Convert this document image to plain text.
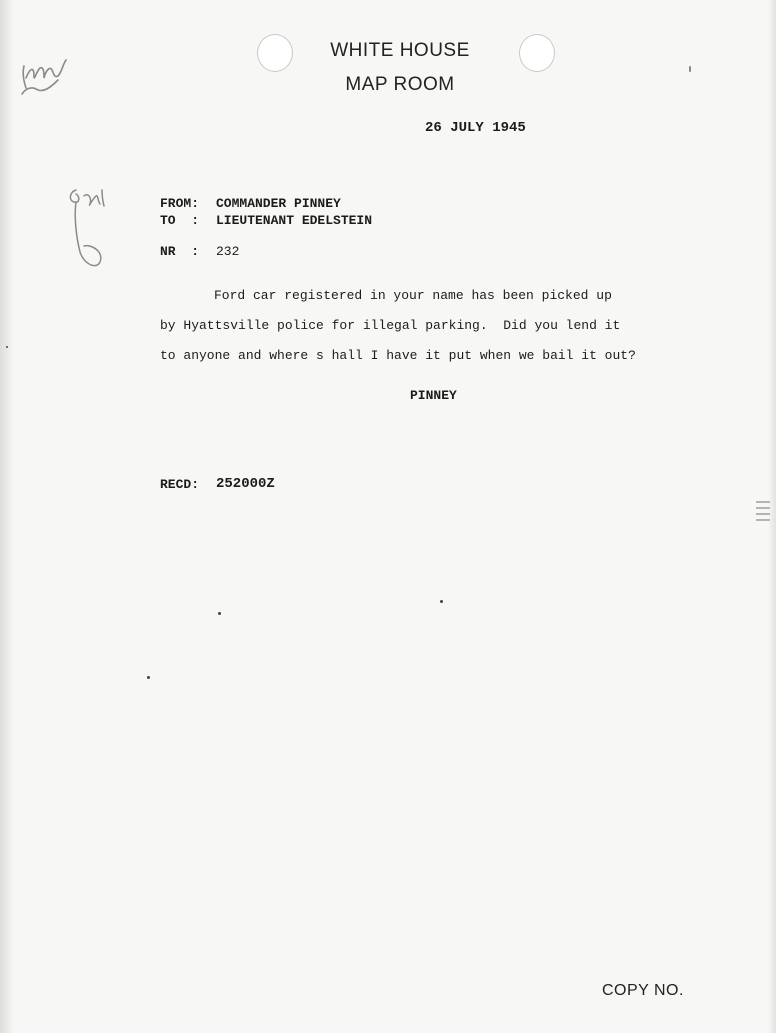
WHITE HOUSE
MAP ROOM
26 JULY 1945
FROM: COMMANDER PINNEY
TO  : LIEUTENANT EDELSTEIN
NR  : 232
Ford car registered in your name has been picked up
by Hyattsville police for illegal parking.  Did you lend it
to anyone and where s hall I have it put when we bail it out?
PINNEY
RECD: 252000Z
COPY NO.
